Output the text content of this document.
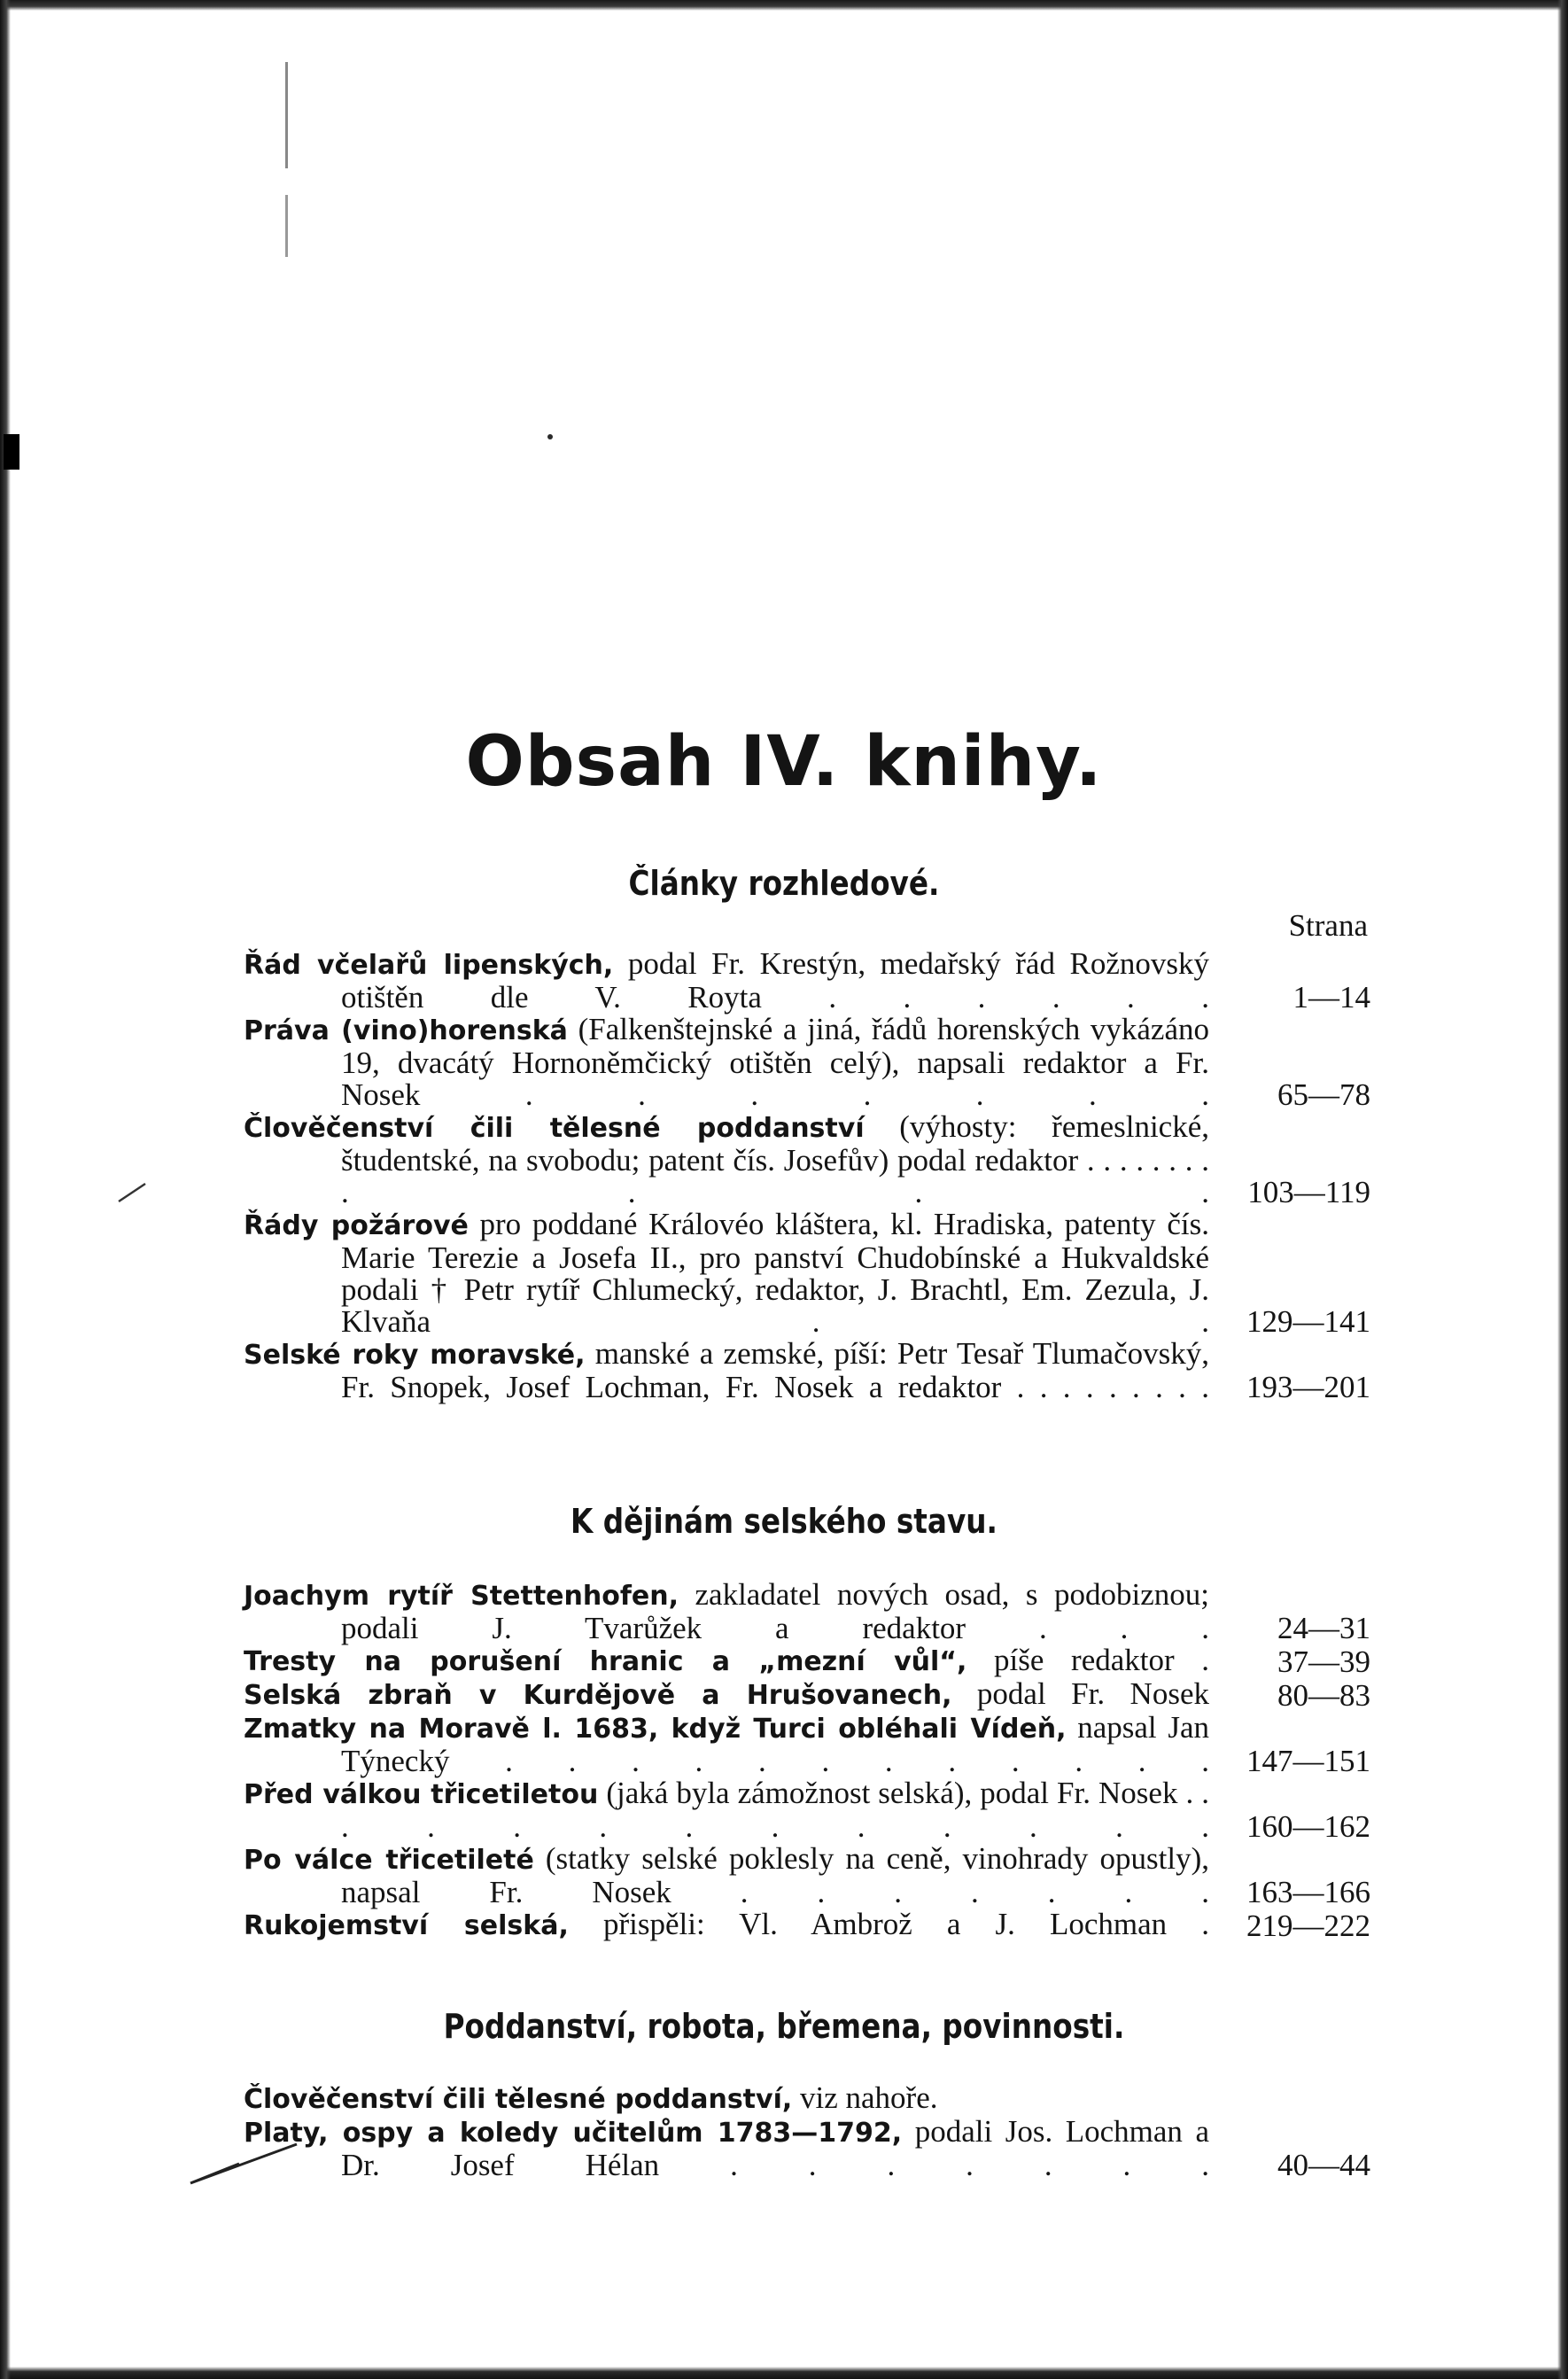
Obsah IV. knihy.
Články rozhledové.
Strana
Řád včelařů lipenských, podal Fr. Krestýn, medařský řád Rožnovský otištěn dle V. Royta . . . . . .	1—14
Práva (vino)horenská (Falkenštejnské a jiná, řádů horenských vykázáno 19, dvacátý Hornoněmčický otištěn celý), napsali redaktor a Fr. Nosek . . . . . . .	65—78
Člověčenství čili tělesné poddanství (výhosty: řemeslnické, študentské, na svobodu; patent čís. Josefův) podal redaktor . . . . . . . . . . . .	103—119
Řády požárové pro poddané Královéo kláštera, kl. Hradiska, patenty čís. Marie Terezie a Josefa II., pro panství Chudobínské a Hukvaldské podali † Petr rytíř Chlumecký, redaktor, J. Brachtl, Em. Zezula, J. Klvaňa . .	129—141
Selské roky moravské, manské a zemské, píší: Petr Tesař Tlumačovský, Fr. Snopek, Josef Lochman, Fr. Nosek a redaktor . . . . . . . . .	193—201
K dějinám selského stavu.
Joachym rytíř Stettenhofen, zakladatel nových osad, s podobiznou; podali J. Tvarůžek a redaktor . . .	24—31
Tresty na porušení hranic a „mezní vůl“, píše redaktor .	37—39
Selská zbraň v Kurdějově a Hrušovanech, podal Fr. Nosek	80—83
Zmatky na Moravě l. 1683, když Turci obléhali Vídeň, napsal Jan Týnecký . . . . . . . . . . . .	147—151
Před válkou třicetiletou (jaká byla zámožnost selská), podal Fr. Nosek . . . . . . . . . . . . .	160—162
Po válce třicetileté (statky selské poklesly na ceně, vinohrady opustly), napsal Fr. Nosek . . . . . . .	163—166
Rukojemství selská, přispěli: Vl. Ambrož a J. Lochman .	219—222
Poddanství, robota, břemena, povinnosti.
Člověčenství čili tělesné poddanství, viz nahoře.
Platy, ospy a koledy učitelům 1783—1792, podali Jos. Lochman a Dr. Josef Hélan . . . . . . .	40—44
